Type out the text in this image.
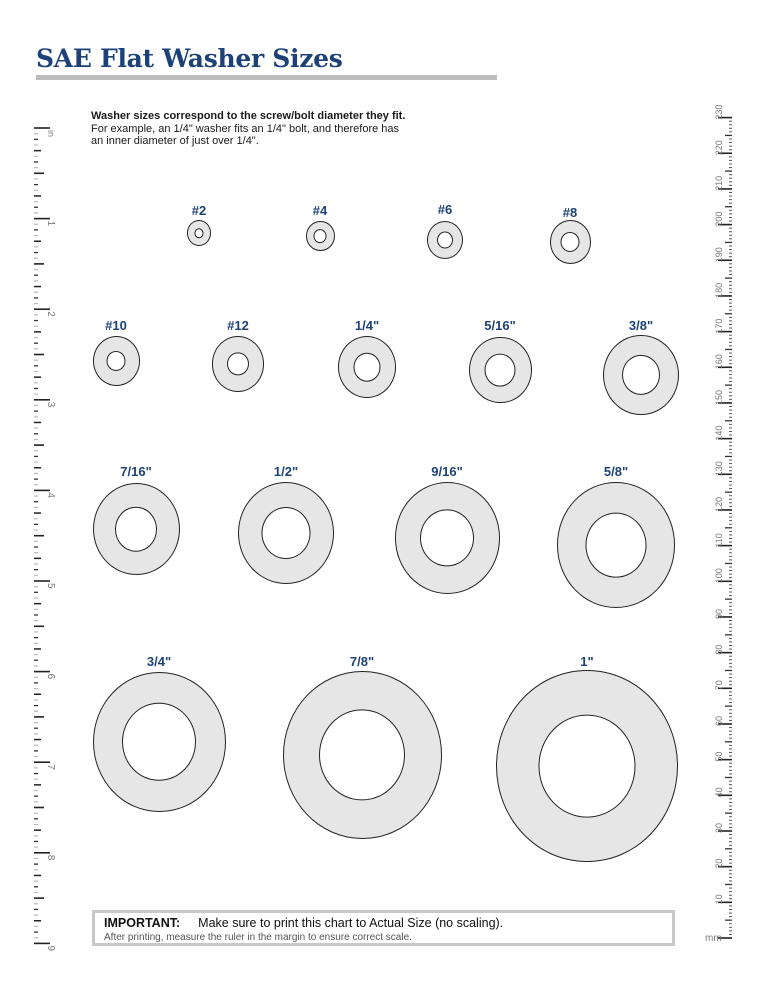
SAE Flat Washer Sizes
Washer sizes correspond to the screw/bolt diameter they fit. For example, an 1/4" washer fits an 1/4" bolt, and therefore has an inner diameter of just over 1/4".
#2	#4	#6	#8
#10	#12	1/4"	5/16"	3/8"
7/16"	1/2"	9/16"	5/8"
3/4"	7/8"	1"
in
1
2
3
4
5
6
7
8
9
10
20
30
40
50
60
70
80
90
100
110
120
130
140
150
160
170
180
190
200
210
220
230
mm
IMPORTANT: Make sure to print this chart to Actual Size (no scaling).
After printing, measure the ruler in the margin to ensure correct scale.
